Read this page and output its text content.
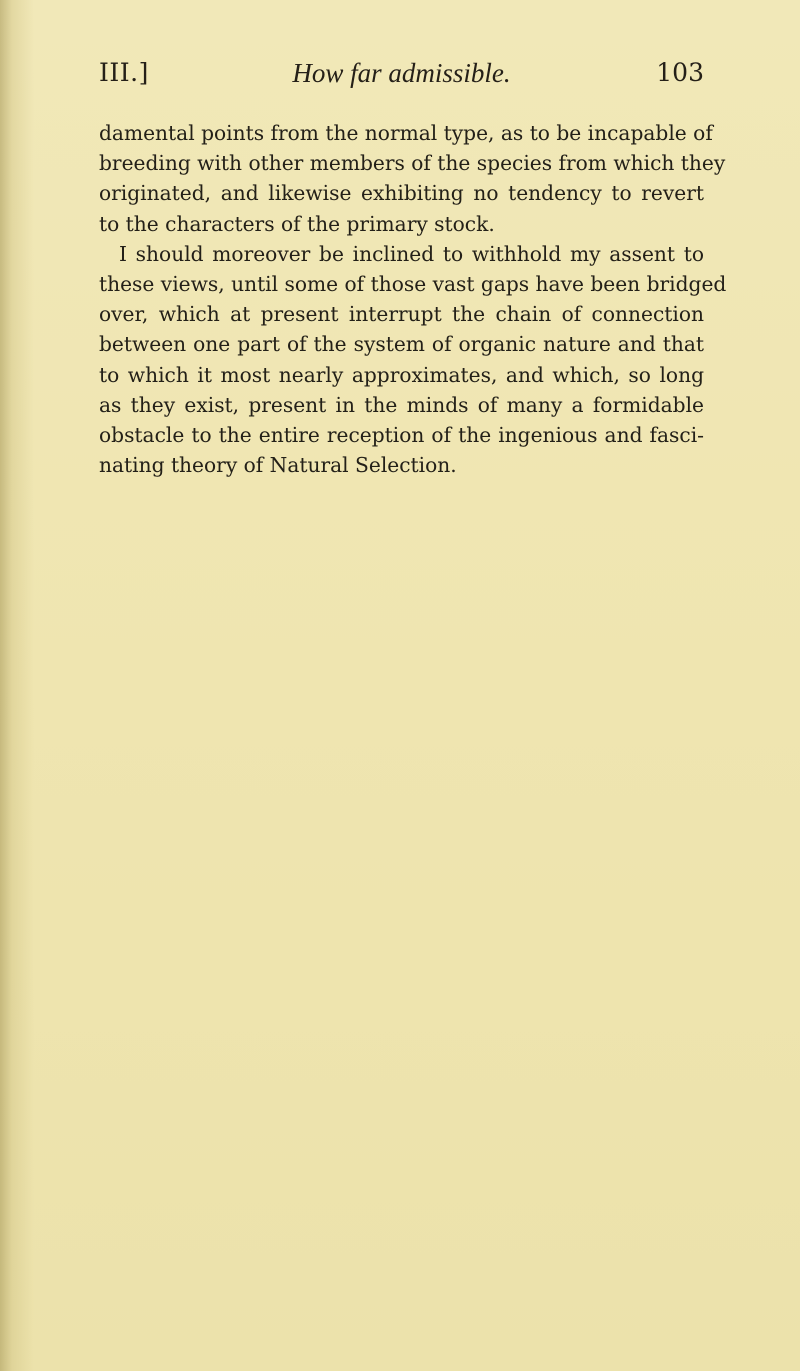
III.]	How far admissible.	103
damental points from the normal type, as to be incapable of
breeding with other members of the species from which they
originated, and likewise exhibiting no tendency to revert
to the characters of the primary stock.
I should moreover be inclined to withhold my assent to
these views, until some of those vast gaps have been bridged
over, which at present interrupt the chain of connection
between one part of the system of organic nature and that
to which it most nearly approximates, and which, so long
as they exist, present in the minds of many a formidable
obstacle to the entire reception of the ingenious and fasci-
nating theory of Natural Selection.
